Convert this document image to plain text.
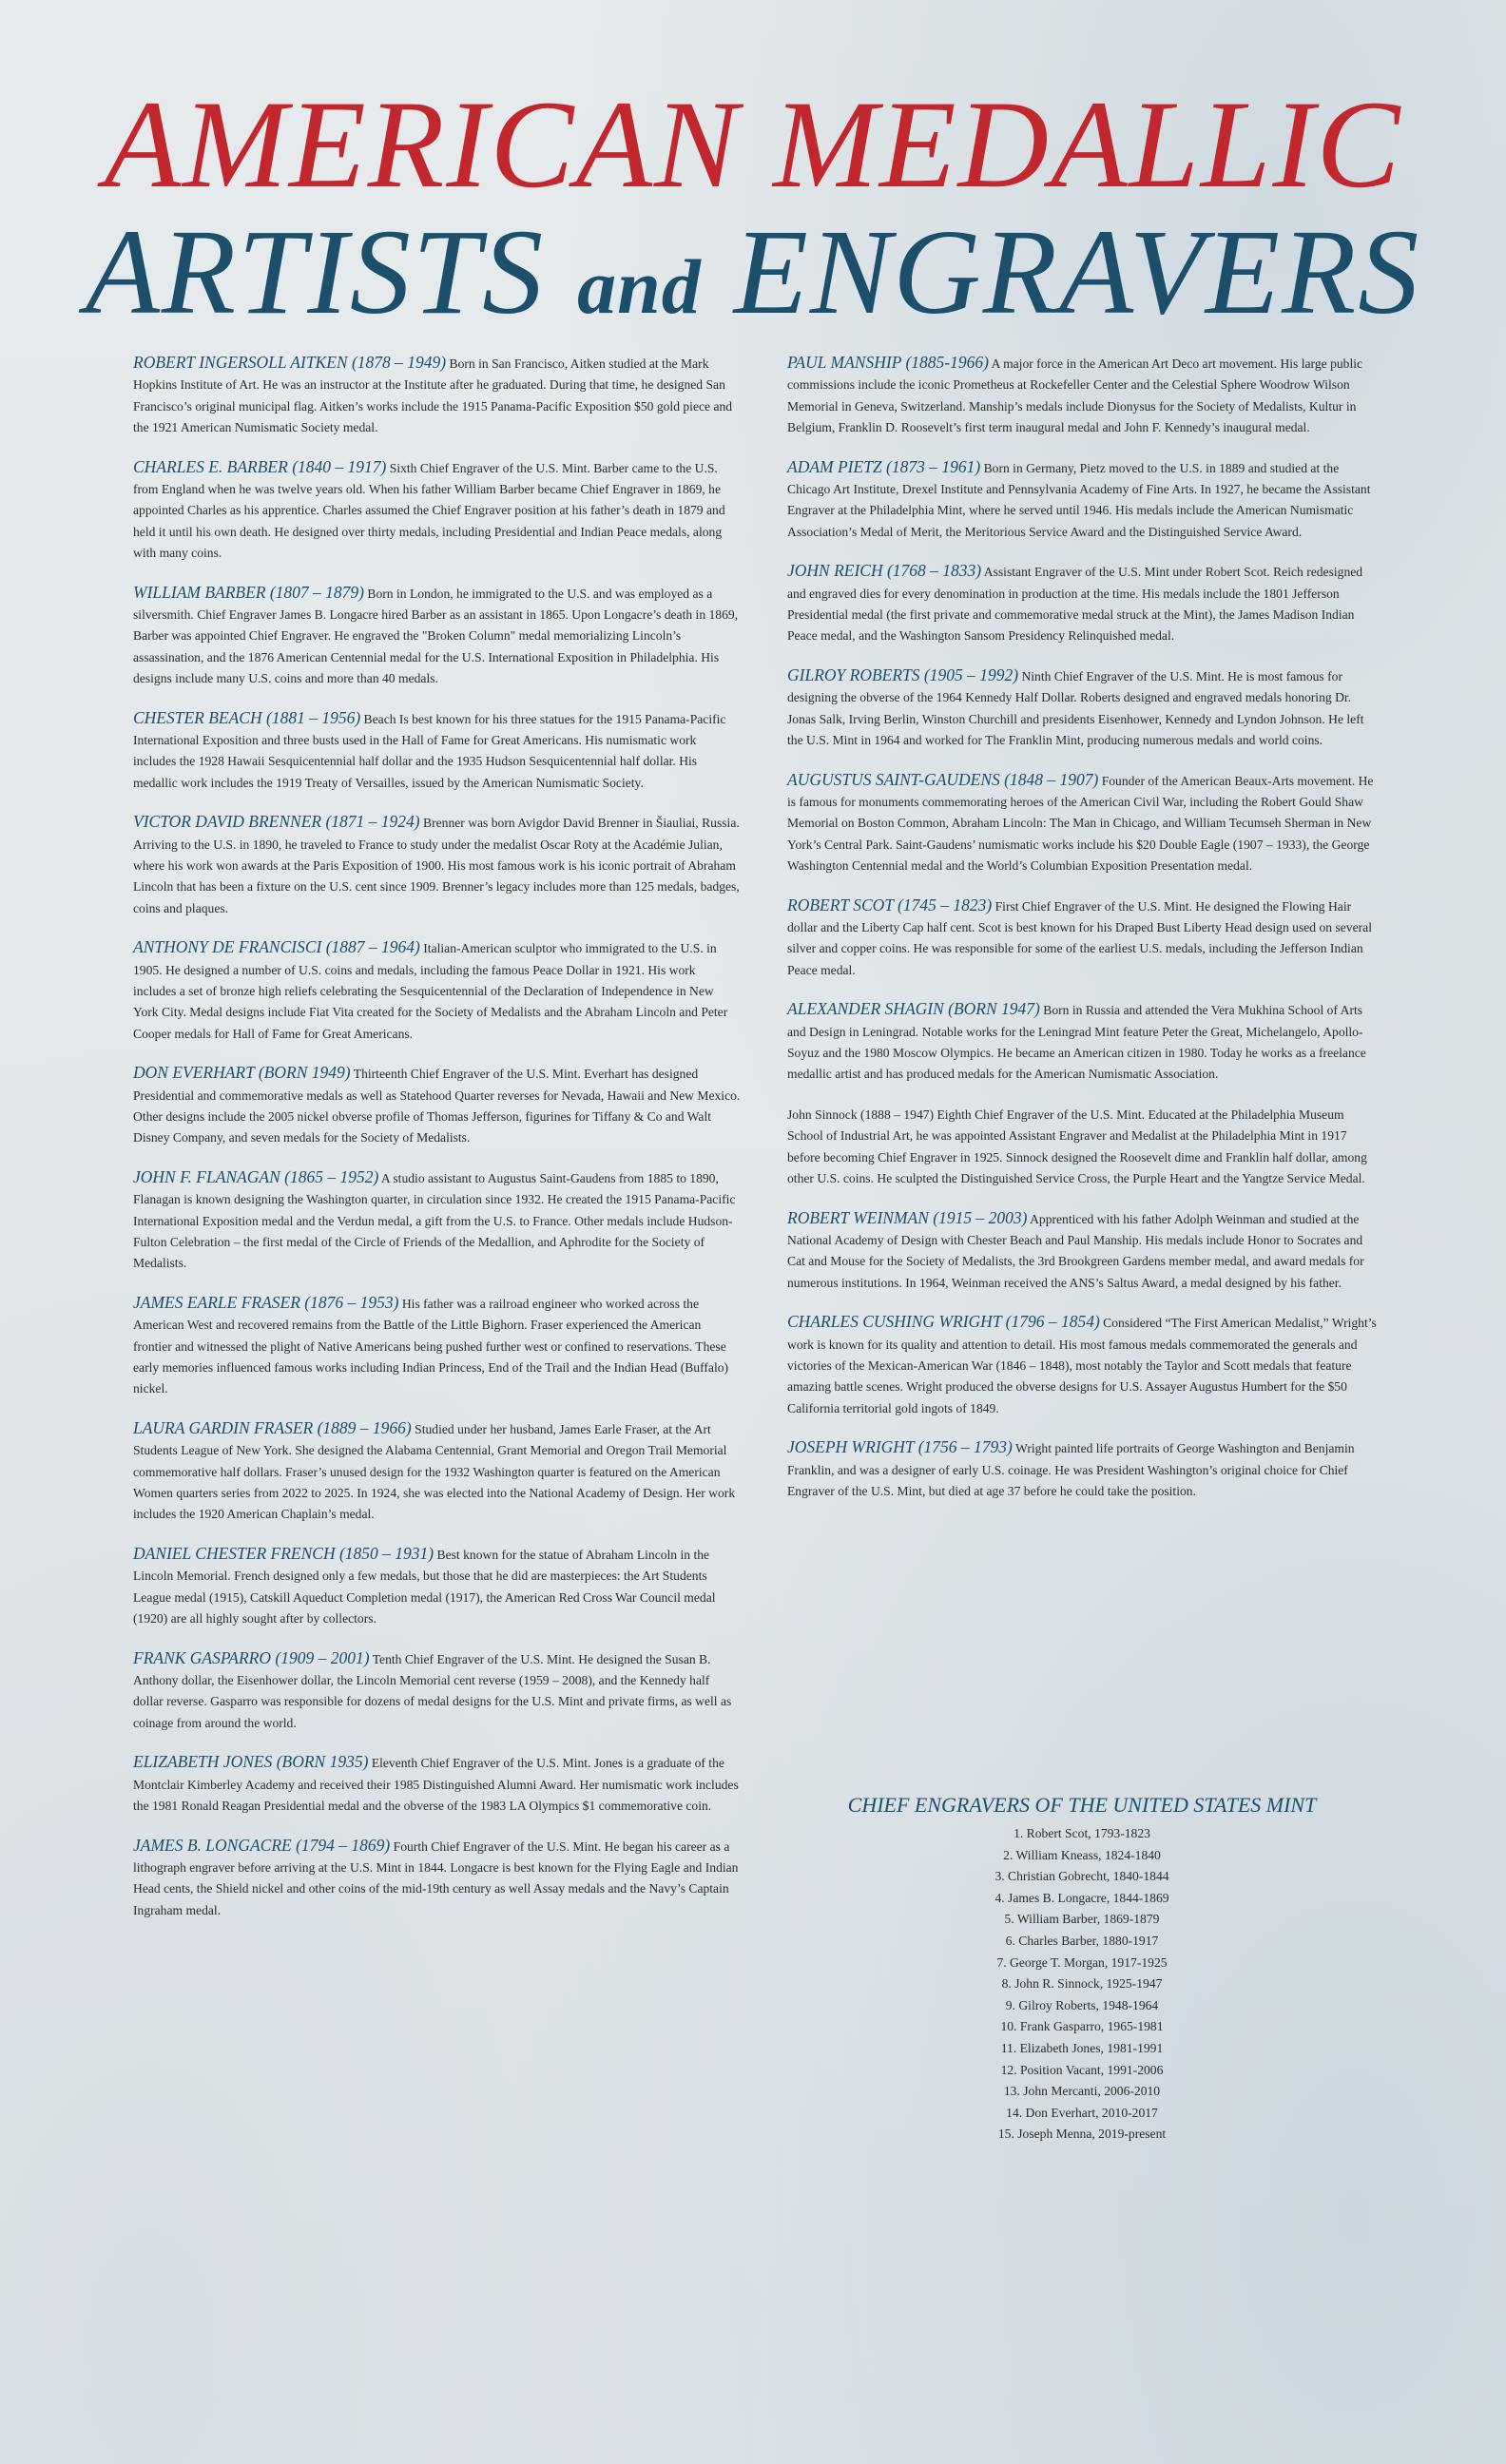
AMERICAN MEDALLIC
ARTISTS and ENGRAVERS

ROBERT INGERSOLL AITKEN (1878 – 1949) Born in San Francisco, Aitken studied at the Mark Hopkins Institute of Art. He was an instructor at the Institute after he graduated. During that time, he designed San Francisco’s original municipal flag. Aitken’s works include the 1915 Panama-Pacific Exposition $50 gold piece and the 1921 American Numismatic Society medal.

CHARLES E. BARBER (1840 – 1917) Sixth Chief Engraver of the U.S. Mint. Barber came to the U.S. from England when he was twelve years old. When his father William Barber became Chief Engraver in 1869, he appointed Charles as his apprentice. Charles assumed the Chief Engraver position at his father’s death in 1879 and held it until his own death. He designed over thirty medals, including Presidential and Indian Peace medals, along with many coins.

WILLIAM BARBER (1807 – 1879) Born in London, he immigrated to the U.S. and was employed as a silversmith. Chief Engraver James B. Longacre hired Barber as an assistant in 1865. Upon Longacre’s death in 1869, Barber was appointed Chief Engraver. He engraved the "Broken Column" medal memorializing Lincoln’s assassination, and the 1876 American Centennial medal for the U.S. International Exposition in Philadelphia. His designs include many U.S. coins and more than 40 medals.

CHESTER BEACH (1881 – 1956) Beach Is best known for his three statues for the 1915 Panama-Pacific International Exposition and three busts used in the Hall of Fame for Great Americans. His numismatic work includes the 1928 Hawaii Sesquicentennial half dollar and the 1935 Hudson Sesquicentennial half dollar. His medallic work includes the 1919 Treaty of Versailles, issued by the American Numismatic Society.

VICTOR DAVID BRENNER (1871 – 1924) Brenner was born Avigdor David Brenner in Šiauliai, Russia. Arriving to the U.S. in 1890, he traveled to France to study under the medalist Oscar Roty at the Académie Julian, where his work won awards at the Paris Exposition of 1900. His most famous work is his iconic portrait of Abraham Lincoln that has been a fixture on the U.S. cent since 1909. Brenner’s legacy includes more than 125 medals, badges, coins and plaques.

ANTHONY DE FRANCISCI (1887 – 1964) Italian-American sculptor who immigrated to the U.S. in 1905. He designed a number of U.S. coins and medals, including the famous Peace Dollar in 1921. His work includes a set of bronze high reliefs celebrating the Sesquicentennial of the Declaration of Independence in New York City. Medal designs include Fiat Vita created for the Society of Medalists and the Abraham Lincoln and Peter Cooper medals for Hall of Fame for Great Americans.

DON EVERHART (BORN 1949) Thirteenth Chief Engraver of the U.S. Mint. Everhart has designed Presidential and commemorative medals as well as Statehood Quarter reverses for Nevada, Hawaii and New Mexico. Other designs include the 2005 nickel obverse profile of Thomas Jefferson, figurines for Tiffany & Co and Walt Disney Company, and seven medals for the Society of Medalists.

JOHN F. FLANAGAN (1865 – 1952) A studio assistant to Augustus Saint-Gaudens from 1885 to 1890, Flanagan is known designing the Washington quarter, in circulation since 1932. He created the 1915 Panama-Pacific International Exposition medal and the Verdun medal, a gift from the U.S. to France. Other medals include Hudson-Fulton Celebration – the first medal of the Circle of Friends of the Medallion, and Aphrodite for the Society of Medalists.

JAMES EARLE FRASER (1876 – 1953) His father was a railroad engineer who worked across the American West and recovered remains from the Battle of the Little Bighorn. Fraser experienced the American frontier and witnessed the plight of Native Americans being pushed further west or confined to reservations. These early memories influenced famous works including Indian Princess, End of the Trail and the Indian Head (Buffalo) nickel.

LAURA GARDIN FRASER (1889 – 1966) Studied under her husband, James Earle Fraser, at the Art Students League of New York. She designed the Alabama Centennial, Grant Memorial and Oregon Trail Memorial commemorative half dollars. Fraser’s unused design for the 1932 Washington quarter is featured on the American Women quarters series from 2022 to 2025. In 1924, she was elected into the National Academy of Design. Her work includes the 1920 American Chaplain’s medal.

DANIEL CHESTER FRENCH (1850 – 1931) Best known for the statue of Abraham Lincoln in the Lincoln Memorial. French designed only a few medals, but those that he did are masterpieces: the Art Students League medal (1915), Catskill Aqueduct Completion medal (1917), the American Red Cross War Council medal (1920) are all highly sought after by collectors.

FRANK GASPARRO (1909 – 2001) Tenth Chief Engraver of the U.S. Mint. He designed the Susan B. Anthony dollar, the Eisenhower dollar, the Lincoln Memorial cent reverse (1959 – 2008), and the Kennedy half dollar reverse. Gasparro was responsible for dozens of medal designs for the U.S. Mint and private firms, as well as coinage from around the world.

ELIZABETH JONES (BORN 1935) Eleventh Chief Engraver of the U.S. Mint. Jones is a graduate of the Montclair Kimberley Academy and received their 1985 Distinguished Alumni Award. Her numismatic work includes the 1981 Ronald Reagan Presidential medal and the obverse of the 1983 LA Olympics $1 commemorative coin.

JAMES B. LONGACRE (1794 – 1869) Fourth Chief Engraver of the U.S. Mint. He began his career as a lithograph engraver before arriving at the U.S. Mint in 1844. Longacre is best known for the Flying Eagle and Indian Head cents, the Shield nickel and other coins of the mid-19th century as well Assay medals and the Navy’s Captain Ingraham medal.

PAUL MANSHIP (1885-1966) A major force in the American Art Deco art movement. His large public commissions include the iconic Prometheus at Rockefeller Center and the Celestial Sphere Woodrow Wilson Memorial in Geneva, Switzerland. Manship’s medals include Dionysus for the Society of Medalists, Kultur in Belgium, Franklin D. Roosevelt’s first term inaugural medal and John F. Kennedy’s inaugural medal.

ADAM PIETZ (1873 – 1961) Born in Germany, Pietz moved to the U.S. in 1889 and studied at the Chicago Art Institute, Drexel Institute and Pennsylvania Academy of Fine Arts. In 1927, he became the Assistant Engraver at the Philadelphia Mint, where he served until 1946. His medals include the American Numismatic Association’s Medal of Merit, the Meritorious Service Award and the Distinguished Service Award.

JOHN REICH (1768 – 1833) Assistant Engraver of the U.S. Mint under Robert Scot. Reich redesigned and engraved dies for every denomination in production at the time. His medals include the 1801 Jefferson Presidential medal (the first private and commemorative medal struck at the Mint), the James Madison Indian Peace medal, and the Washington Sansom Presidency Relinquished medal.

GILROY ROBERTS (1905 – 1992) Ninth Chief Engraver of the U.S. Mint. He is most famous for designing the obverse of the 1964 Kennedy Half Dollar. Roberts designed and engraved medals honoring Dr. Jonas Salk, Irving Berlin, Winston Churchill and presidents Eisenhower, Kennedy and Lyndon Johnson. He left the U.S. Mint in 1964 and worked for The Franklin Mint, producing numerous medals and world coins.

AUGUSTUS SAINT-GAUDENS (1848 – 1907) Founder of the American Beaux-Arts movement. He is famous for monuments commemorating heroes of the American Civil War, including the Robert Gould Shaw Memorial on Boston Common, Abraham Lincoln: The Man in Chicago, and William Tecumseh Sherman in New York’s Central Park. Saint-Gaudens’ numismatic works include his $20 Double Eagle (1907 – 1933), the George Washington Centennial medal and the World’s Columbian Exposition Presentation medal.

ROBERT SCOT (1745 – 1823) First Chief Engraver of the U.S. Mint. He designed the Flowing Hair dollar and the Liberty Cap half cent. Scot is best known for his Draped Bust Liberty Head design used on several silver and copper coins. He was responsible for some of the earliest U.S. medals, including the Jefferson Indian Peace medal.

ALEXANDER SHAGIN (BORN 1947) Born in Russia and attended the Vera Mukhina School of Arts and Design in Leningrad. Notable works for the Leningrad Mint feature Peter the Great, Michelangelo, Apollo-Soyuz and the 1980 Moscow Olympics. He became an American citizen in 1980. Today he works as a freelance medallic artist and has produced medals for the American Numismatic Association.

John Sinnock (1888 – 1947) Eighth Chief Engraver of the U.S. Mint. Educated at the Philadelphia Museum School of Industrial Art, he was appointed Assistant Engraver and Medalist at the Philadelphia Mint in 1917 before becoming Chief Engraver in 1925. Sinnock designed the Roosevelt dime and Franklin half dollar, among other U.S. coins. He sculpted the Distinguished Service Cross, the Purple Heart and the Yangtze Service Medal.

ROBERT WEINMAN (1915 – 2003) Apprenticed with his father Adolph Weinman and studied at the National Academy of Design with Chester Beach and Paul Manship. His medals include Honor to Socrates and Cat and Mouse for the Society of Medalists, the 3rd Brookgreen Gardens member medal, and award medals for numerous institutions. In 1964, Weinman received the ANS’s Saltus Award, a medal designed by his father.

CHARLES CUSHING WRIGHT (1796 – 1854) Considered “The First American Medalist,” Wright’s work is known for its quality and attention to detail. His most famous medals commemorated the generals and victories of the Mexican-American War (1846 – 1848), most notably the Taylor and Scott medals that feature amazing battle scenes. Wright produced the obverse designs for U.S. Assayer Augustus Humbert for the $50 California territorial gold ingots of 1849.

JOSEPH WRIGHT (1756 – 1793) Wright painted life portraits of George Washington and Benjamin Franklin, and was a designer of early U.S. coinage. He was President Washington’s original choice for Chief Engraver of the U.S. Mint, but died at age 37 before he could take the position.

CHIEF ENGRAVERS OF THE UNITED STATES MINT
1. Robert Scot, 1793-1823
2. William Kneass, 1824-1840
3. Christian Gobrecht, 1840-1844
4. James B. Longacre, 1844-1869
5. William Barber, 1869-1879
6. Charles Barber, 1880-1917
7. George T. Morgan, 1917-1925
8. John R. Sinnock, 1925-1947
9. Gilroy Roberts, 1948-1964
10. Frank Gasparro, 1965-1981
11. Elizabeth Jones, 1981-1991
12. Position Vacant, 1991-2006
13. John Mercanti, 2006-2010
14. Don Everhart, 2010-2017
15. Joseph Menna, 2019-present
